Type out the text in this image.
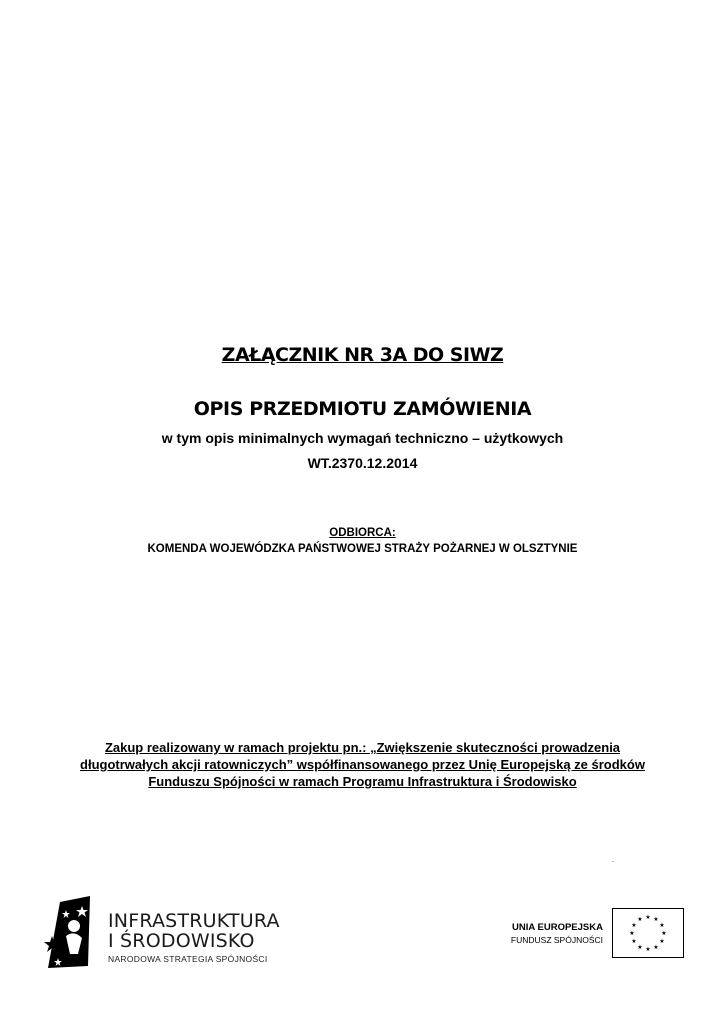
ZAŁĄCZNIK NR 3A DO SIWZ
OPIS PRZEDMIOTU ZAMÓWIENIA
w tym opis minimalnych wymagań techniczno – użytkowych
WT.2370.12.2014
ODBIORCA:
KOMENDA WOJEWÓDZKA PAŃSTWOWEJ STRAŻY POŻARNEJ W OLSZTYNIE
Zakup realizowany w ramach projektu pn.: „Zwiększenie skuteczności prowadzenia
długotrwałych akcji ratowniczych” współfinansowanego przez Unię Europejską ze środków
Funduszu Spójności w ramach Programu Infrastruktura i Środowisko
INFRASTRUKTURA
I ŚRODOWISKO
NARODOWA STRATEGIA SPÓJNOŚCI
UNIA EUROPEJSKA
FUNDUSZ SPÓJNOŚCI
★ ★
★
★
★
★
★
★
★
★
★
★
